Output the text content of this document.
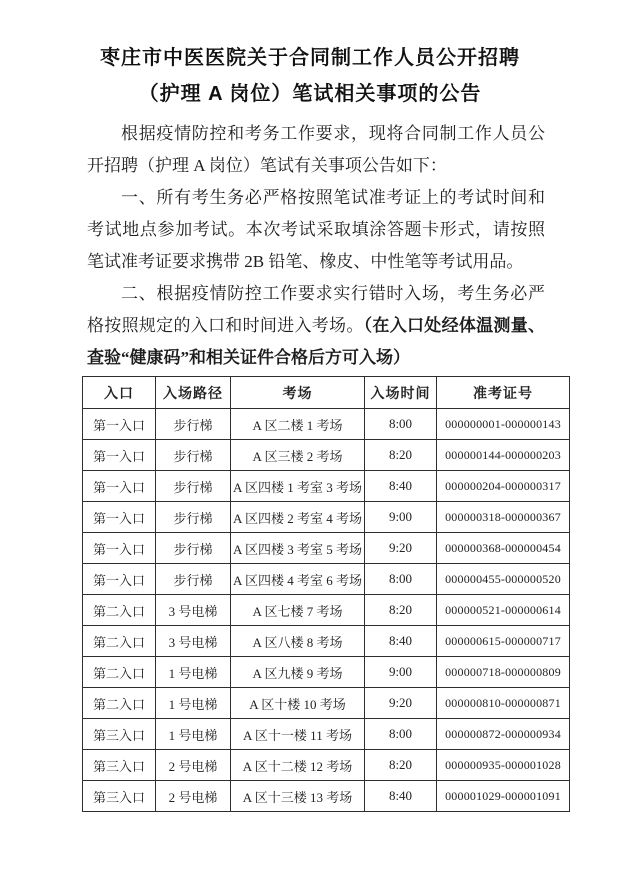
枣庄市中医医院关于合同制工作人员公开招聘
（护理 A 岗位）笔试相关事项的公告

根据疫情防控和考务工作要求，现将合同制工作人员公开招聘（护理 A 岗位）笔试有关事项公告如下：

一、所有考生务必严格按照笔试准考证上的考试时间和考试地点参加考试。本次考试采取填涂答题卡形式，请按照笔试准考证要求携带 2B 铅笔、橡皮、中性笔等考试用品。

二、根据疫情防控工作要求实行错时入场，考生务必严格按照规定的入口和时间进入考场。（在入口处经体温测量、查验“健康码”和相关证件合格后方可入场）

入口	入场路径	考场	入场时间	准考证号
第一入口	步行梯	A 区二楼 1 考场	8:00	000000001-000000143
第一入口	步行梯	A 区三楼 2 考场	8:20	000000144-000000203
第一入口	步行梯	A 区四楼 1 考室 3 考场	8:40	000000204-000000317
第一入口	步行梯	A 区四楼 2 考室 4 考场	9:00	000000318-000000367
第一入口	步行梯	A 区四楼 3 考室 5 考场	9:20	000000368-000000454
第一入口	步行梯	A 区四楼 4 考室 6 考场	8:00	000000455-000000520
第二入口	3 号电梯	A 区七楼 7 考场	8:20	000000521-000000614
第二入口	3 号电梯	A 区八楼 8 考场	8:40	000000615-000000717
第二入口	1 号电梯	A 区九楼 9 考场	9:00	000000718-000000809
第二入口	1 号电梯	A 区十楼 10 考场	9:20	000000810-000000871
第三入口	1 号电梯	A 区十一楼 11 考场	8:00	000000872-000000934
第三入口	2 号电梯	A 区十二楼 12 考场	8:20	000000935-000001028
第三入口	2 号电梯	A 区十三楼 13 考场	8:40	000001029-000001091
